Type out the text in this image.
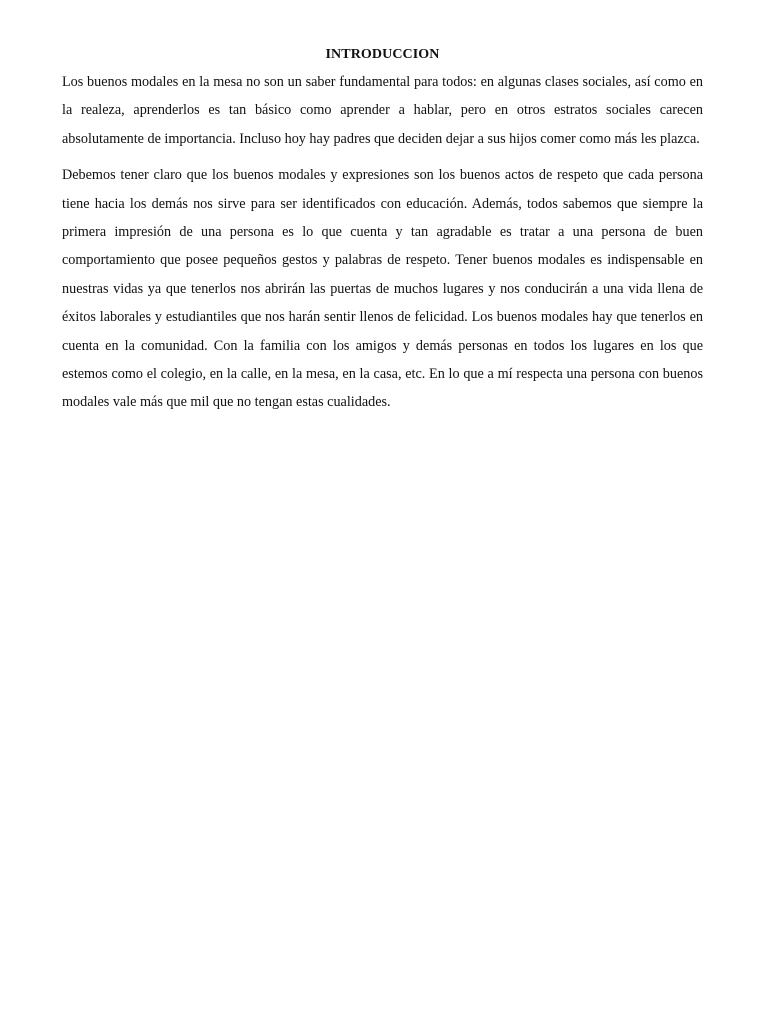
INTRODUCCION

Los buenos modales en la mesa no son un saber fundamental para todos: en algunas clases sociales, así como en la realeza, aprenderlos es tan básico como aprender a hablar, pero en otros estratos sociales carecen absolutamente de importancia. Incluso hoy hay padres que deciden dejar a sus hijos comer como más les plazca.

Debemos tener claro que los buenos modales y expresiones son los buenos actos de respeto que cada persona tiene hacia los demás nos sirve para ser identificados con educación. Además, todos sabemos que siempre la primera impresión de una persona es lo que cuenta y tan agradable es tratar a una persona de buen comportamiento que posee pequeños gestos y palabras de respeto. Tener buenos modales es indispensable en nuestras vidas ya que tenerlos nos abrirán las puertas de muchos lugares y nos conducirán a una vida llena de éxitos laborales y estudiantiles que nos harán sentir llenos de felicidad. Los buenos modales hay que tenerlos en cuenta en la comunidad. Con la familia con los amigos y demás personas en todos los lugares en los que estemos como el colegio, en la calle, en la mesa, en la casa, etc. En lo que a mí respecta una persona con buenos modales vale más que mil que no tengan estas cualidades.
